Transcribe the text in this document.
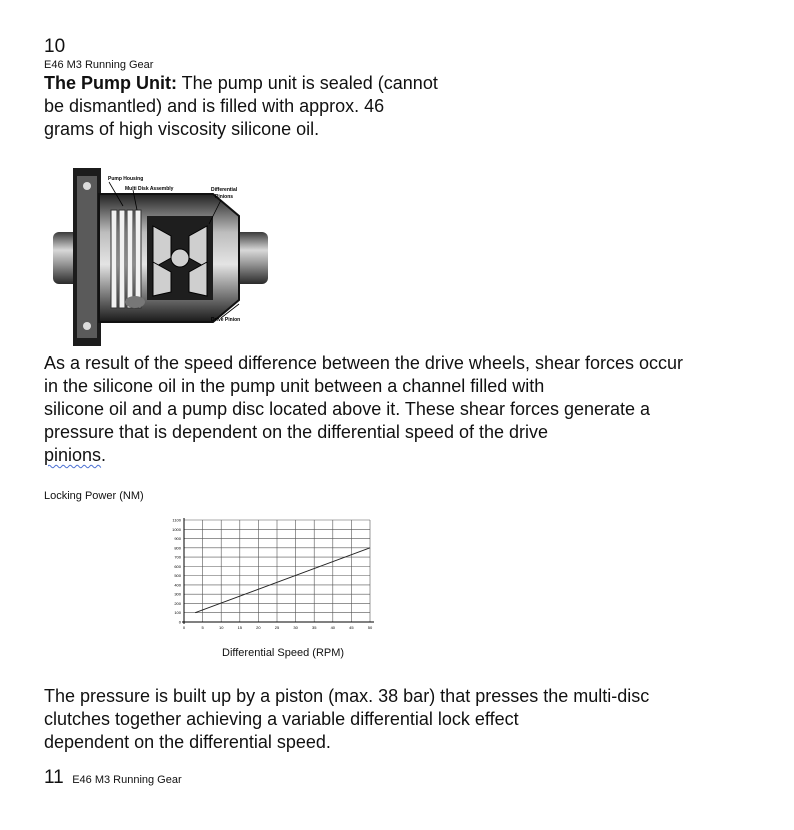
10
E46 M3 Running Gear
The Pump Unit: The pump unit is sealed (cannot
be dismantled) and is filled with approx. 46
grams of high viscosity silicone oil.
Pump Housing
Multi Disk Assembly	Differential
Pinions
Drive Pinion
As a result of the speed difference between the drive wheels, shear forces occur
in the silicone oil in the pump unit between a channel filled with
silicone oil and a pump disc located above it. These shear forces generate a
pressure that is dependent on the differential speed of the drive
pinions.
Locking Power (NM)
0
100
200
300
400
500
600
700
800
900
1000
1100
0	5	10	15	20	25	30	35	40	45	50
Differential Speed (RPM)
The pressure is built up by a piston (max. 38 bar) that presses the multi-disc
clutches together achieving a variable differential lock effect
dependent on the differential speed.
11 E46 M3 Running Gear
